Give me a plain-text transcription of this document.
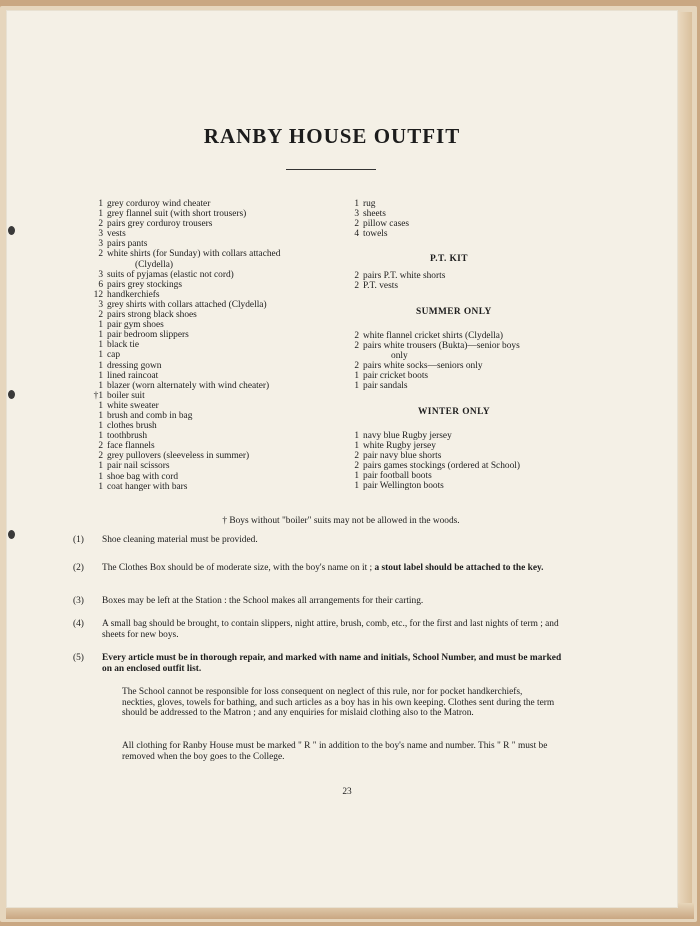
RANBY HOUSE OUTFIT
1 grey corduroy wind cheater
1 grey flannel suit (with short trousers)
2 pairs grey corduroy trousers
3 vests
3 pairs pants
2 white shirts (for Sunday) with collars attached
(Clydella)
3 suits of pyjamas (elastic not cord)
6 pairs grey stockings
12 handkerchiefs
3 grey shirts with collars attached (Clydella)
2 pairs strong black shoes
1 pair gym shoes
1 pair bedroom slippers
1 black tie
1 cap
1 dressing gown
1 lined raincoat
1 blazer (worn alternately with wind cheater)
†1 boiler suit
1 white sweater
1 brush and comb in bag
1 clothes brush
1 toothbrush
2 face flannels
2 grey pullovers (sleeveless in summer)
1 pair nail scissors
1 shoe bag with cord
1 coat hanger with bars
1 rug
3 sheets
2 pillow cases
4 towels
P.T. KIT
2 pairs P.T. white shorts
2 P.T. vests
SUMMER ONLY
2 white flannel cricket shirts (Clydella)
2 pairs white trousers (Bukta)—senior boys
only
2 pairs white socks—seniors only
1 pair cricket boots
1 pair sandals
WINTER ONLY
1 navy blue Rugby jersey
1 white Rugby jersey
2 pair navy blue shorts
2 pairs games stockings (ordered at School)
1 pair football boots
1 pair Wellington boots
† Boys without "boiler" suits may not be allowed in the woods.
(1) Shoe cleaning material must be provided.
(2) The Clothes Box should be of moderate size, with the boy's name on it ; a stout label should be attached to the key.
(3) Boxes may be left at the Station : the School makes all arrangements for their carting.
(4) A small bag should be brought, to contain slippers, night attire, brush, comb, etc., for the first and last nights of term ; and sheets for new boys.
(5) Every article must be in thorough repair, and marked with name and initials, School Number, and must be marked on an enclosed outfit list.
The School cannot be responsible for loss consequent on neglect of this rule, nor for pocket handkerchiefs, neckties, gloves, towels for bathing, and such articles as a boy has in his own keeping. Clothes sent during the term should be addressed to the Matron ; and any enquiries for mislaid clothing also to the Matron.
All clothing for Ranby House must be marked " R " in addition to the boy's name and number. This " R " must be removed when the boy goes to the College.
23
